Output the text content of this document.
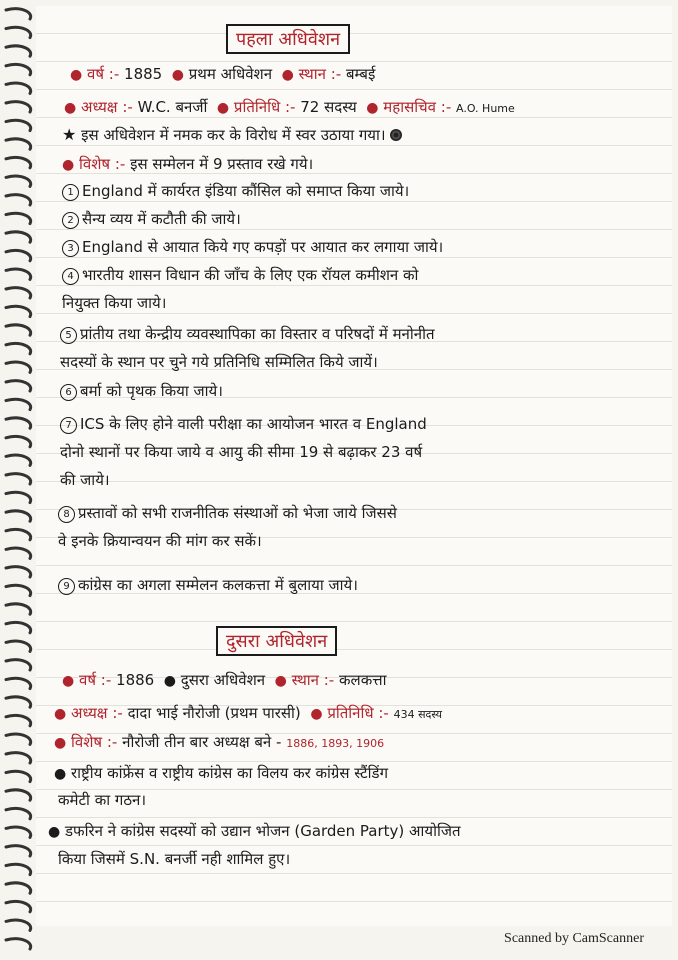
पहला अधिवेशन
● वर्ष :- 1885 ● प्रथम अधिवेशन ● स्थान :- बम्बई
● अध्यक्ष :- W.C. बनर्जी ● प्रतिनिधि :- 72 सदस्य ● महासचिव :- A.O. Hume
★ इस अधिवेशन में नमक कर के विरोध में स्वर उठाया गया।
● विशेष :- इस सम्मेलन में 9 प्रस्ताव रखे गये।
1 England में कार्यरत इंडिया कौंसिल को समाप्त किया जाये।
2 सैन्य व्यय में कटौती की जाये।
3 England से आयात किये गए कपड़ों पर आयात कर लगाया जाये।
4 भारतीय शासन विधान की जाँच के लिए एक रॉयल कमीशन को
नियुक्त किया जाये।
5 प्रांतीय तथा केन्द्रीय व्यवस्थापिका का विस्तार व परिषदों में मनोनीत
सदस्यों के स्थान पर चुने गये प्रतिनिधि सम्मिलित किये जायें।
6 बर्मा को पृथक किया जाये।
7 ICS के लिए होने वाली परीक्षा का आयोजन भारत व England
दोनो स्थानों पर किया जाये व आयु की सीमा 19 से बढ़ाकर 23 वर्ष
की जाये।
8 प्रस्तावों को सभी राजनीतिक संस्थाओं को भेजा जाये जिससे
वे इनके क्रियान्वयन की मांग कर सकें।
9 कांग्रेस का अगला सम्मेलन कलकत्ता में बुलाया जाये।
दुसरा अधिवेशन
● वर्ष :- 1886 ● दुसरा अधिवेशन ● स्थान :- कलकत्ता
● अध्यक्ष :- दादा भाई नौरोजी (प्रथम पारसी) ● प्रतिनिधि :- 434 सदस्य
● विशेष :- नौरोजी तीन बार अध्यक्ष बने - 1886, 1893, 1906
● राष्ट्रीय कांफ्रेंस व राष्ट्रीय कांग्रेस का विलय कर कांग्रेस स्टैंडिंग
कमेटी का गठन।
● डफरिन ने कांग्रेस सदस्यों को उद्यान भोजन (Garden Party) आयोजित
किया जिसमें S.N. बनर्जी नही शामिल हुए।
Scanned by CamScanner
